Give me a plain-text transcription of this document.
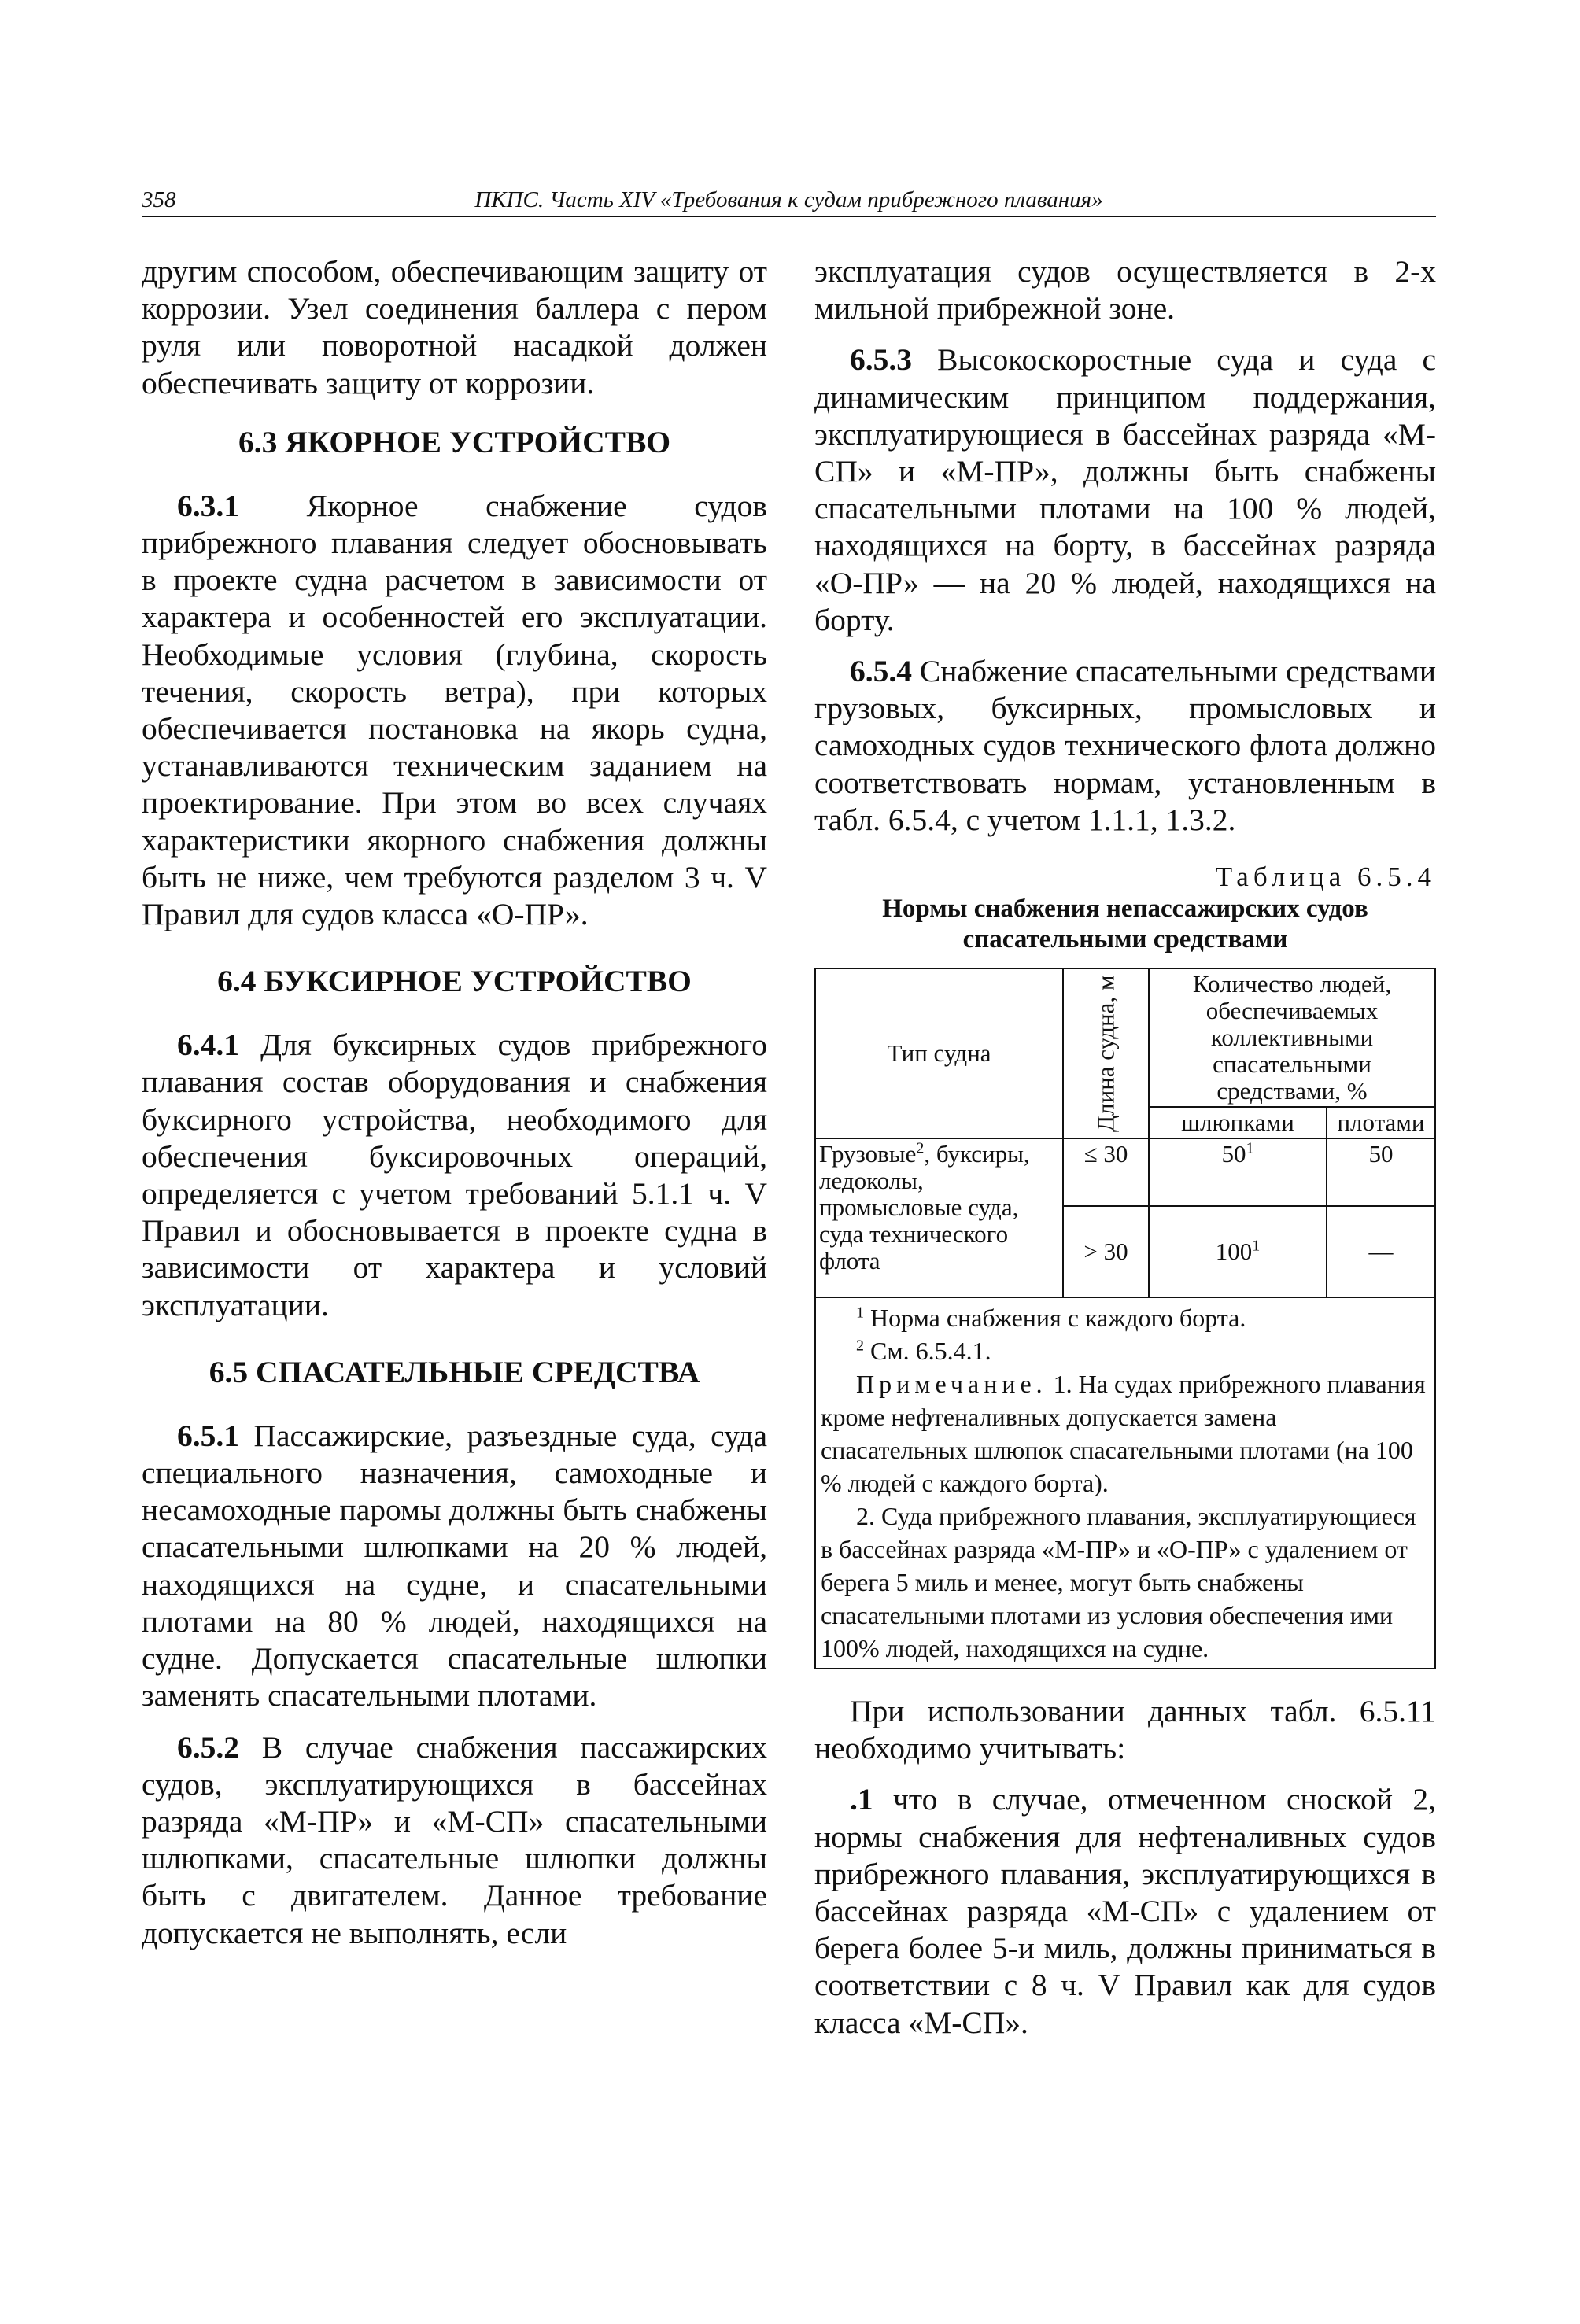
358	ПКПС. Часть XIV «Требования к судам прибрежного плавания»

другим способом, обеспечивающим защиту от коррозии. Узел соединения баллера с пером руля или поворотной насадкой должен обеспечивать защиту от коррозии.

6.3 ЯКОРНОЕ УСТРОЙСТВО

6.3.1 Якорное снабжение судов прибрежного плавания следует обосновывать в проекте судна расчетом в зависимости от характера и особенностей его эксплуатации. Необходимые условия (глубина, скорость течения, скорость ветра), при которых обеспечивается постановка на якорь судна, устанавливаются техническим заданием на проектирование. При этом во всех случаях характеристики якорного снабжения должны быть не ниже, чем требуются разделом 3 ч. V Правил для судов класса «О-ПР».

6.4 БУКСИРНОЕ УСТРОЙСТВО

6.4.1 Для буксирных судов прибрежного плавания состав оборудования и снабжения буксирного устройства, необходимого для обеспечения буксировочных операций, определяется с учетом требований 5.1.1 ч. V Правил и обосновывается в проекте судна в зависимости от характера и условий эксплуатации.

6.5 СПАСАТЕЛЬНЫЕ СРЕДСТВА

6.5.1 Пассажирские, разъездные суда, суда специального назначения, самоходные и несамоходные паромы должны быть снабжены спасательными шлюпками на 20 % людей, находящихся на судне, и спасательными плотами на 80 % людей, находящихся на судне. Допускается спасательные шлюпки заменять спасательными плотами.

6.5.2 В случае снабжения пассажирских судов, эксплуатирующихся в бассейнах разряда «М-ПР» и «М-СП» спасательными шлюпками, спасательные шлюпки должны быть с двигателем. Данное требование допускается не выполнять, если

эксплуатация судов осуществляется в 2-х мильной прибрежной зоне.

6.5.3 Высокоскоростные суда и суда с динамическим принципом поддержания, эксплуатирующиеся в бассейнах разряда «М-СП» и «М-ПР», должны быть снабжены спасательными плотами на 100 % людей, находящихся на борту, в бассейнах разряда «О-ПР» — на 20 % людей, находящихся на борту.

6.5.4 Снабжение спасательными средствами грузовых, буксирных, промысловых и самоходных судов технического флота должно соответствовать нормам, установленным в табл. 6.5.4, с учетом 1.1.1, 1.3.2.

Таблица 6.5.4
Нормы снабжения непассажирских судов спасательными средствами
Тип судна	Длина судна, м	Количество людей, обеспечиваемых коллективными спасательными средствами, %	
		шлюпками	плотами
Грузовые$^2$, буксиры, ледоколы, промысловые суда, суда технического флота	≤ 30	$50^1$	50
	> 30	$100^1$	—

$^1$ Норма снабжения с каждого борта.

$^2$ См. 6.5.4.1.

Примечание. 1. На судах прибрежного плавания кроме нефтеналивных допускается замена спасательных шлюпок спасательными плотами (на 100 % людей с каждого борта).

2. Суда прибрежного плавания, эксплуатирующиеся в бассейнах разряда «М-ПР» и «О-ПР» с удалением от берега 5 миль и менее, могут быть снабжены спасательными плотами из условия обеспечения ими 100% людей, находящихся на судне.			

При использовании данных табл. 6.5.11 необходимо учитывать:

.1 что в случае, отмеченном сноской 2, нормы снабжения для нефтеналивных судов прибрежного плавания, эксплуатирующихся в бассейнах разряда «М-СП» с удалением от берега более 5-и миль, должны приниматься в соответствии с 8 ч. V Правил как для судов класса «М-СП».
